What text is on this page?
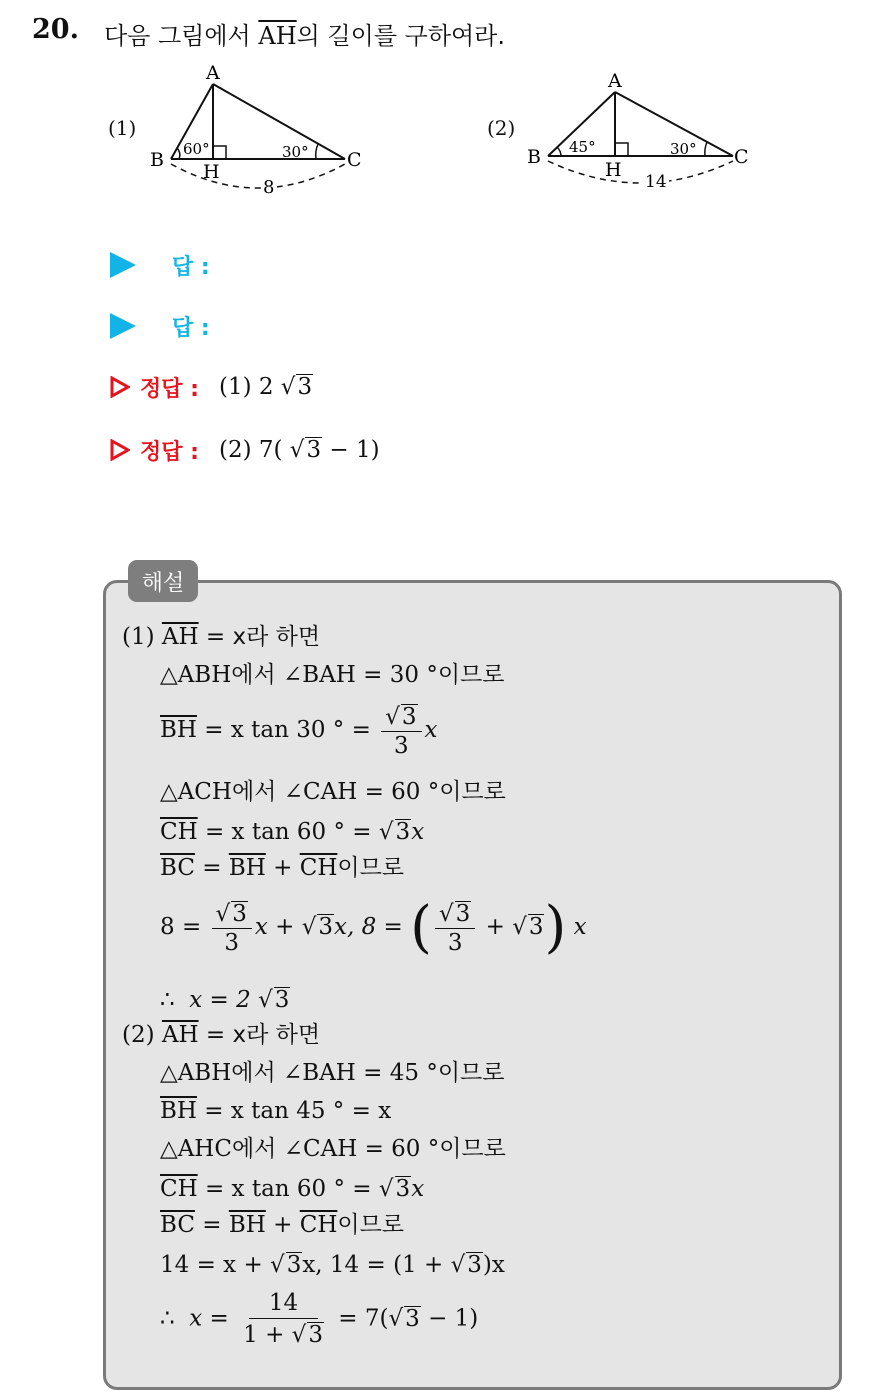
20. 다음 그림에서 $\overline{AH}$의 길이를 구하여라.
(1)
A
B	C
H
60°	30°
8
(2)
A
B	C
H
45°	30°
14
답 :
답 :
정답 : (1) 2 √3
정답 : (2) 7( √3 − 1)
해설
(1) $\overline{AH} = x$라 하면
△ABH에서 ∠BAH = 30 °이므로
$\overline{BH} = x$ tan 30 ° = $\frac{√3}{3}$ x
△ACH에서 ∠CAH = 60 °이므로
$\overline{CH} = x$ tan 60 ° = √3x
$\overline{BC} = \overline{BH} + \overline{CH}$이므로
$8 = \frac{√3}{3}$ x + √3x, 8 = ( $\frac{√3}{3} + √3$) x
∴ x = 2 √3
(2) $\overline{AH} = x$라 하면
△ABH에서 ∠BAH = 45 °이므로
$\overline{BH} = x$ tan 45 ° = x
△AHC에서 ∠CAH = 60 °이므로
$\overline{CH} = x$ tan 60 ° = √3x
$\overline{BC} = \overline{BH} + \overline{CH}$이므로
14 = x + √3x, 14 = (1 + √3)x
∴ $x = \frac{14}{1 + √3} = 7(√3 - 1)$
